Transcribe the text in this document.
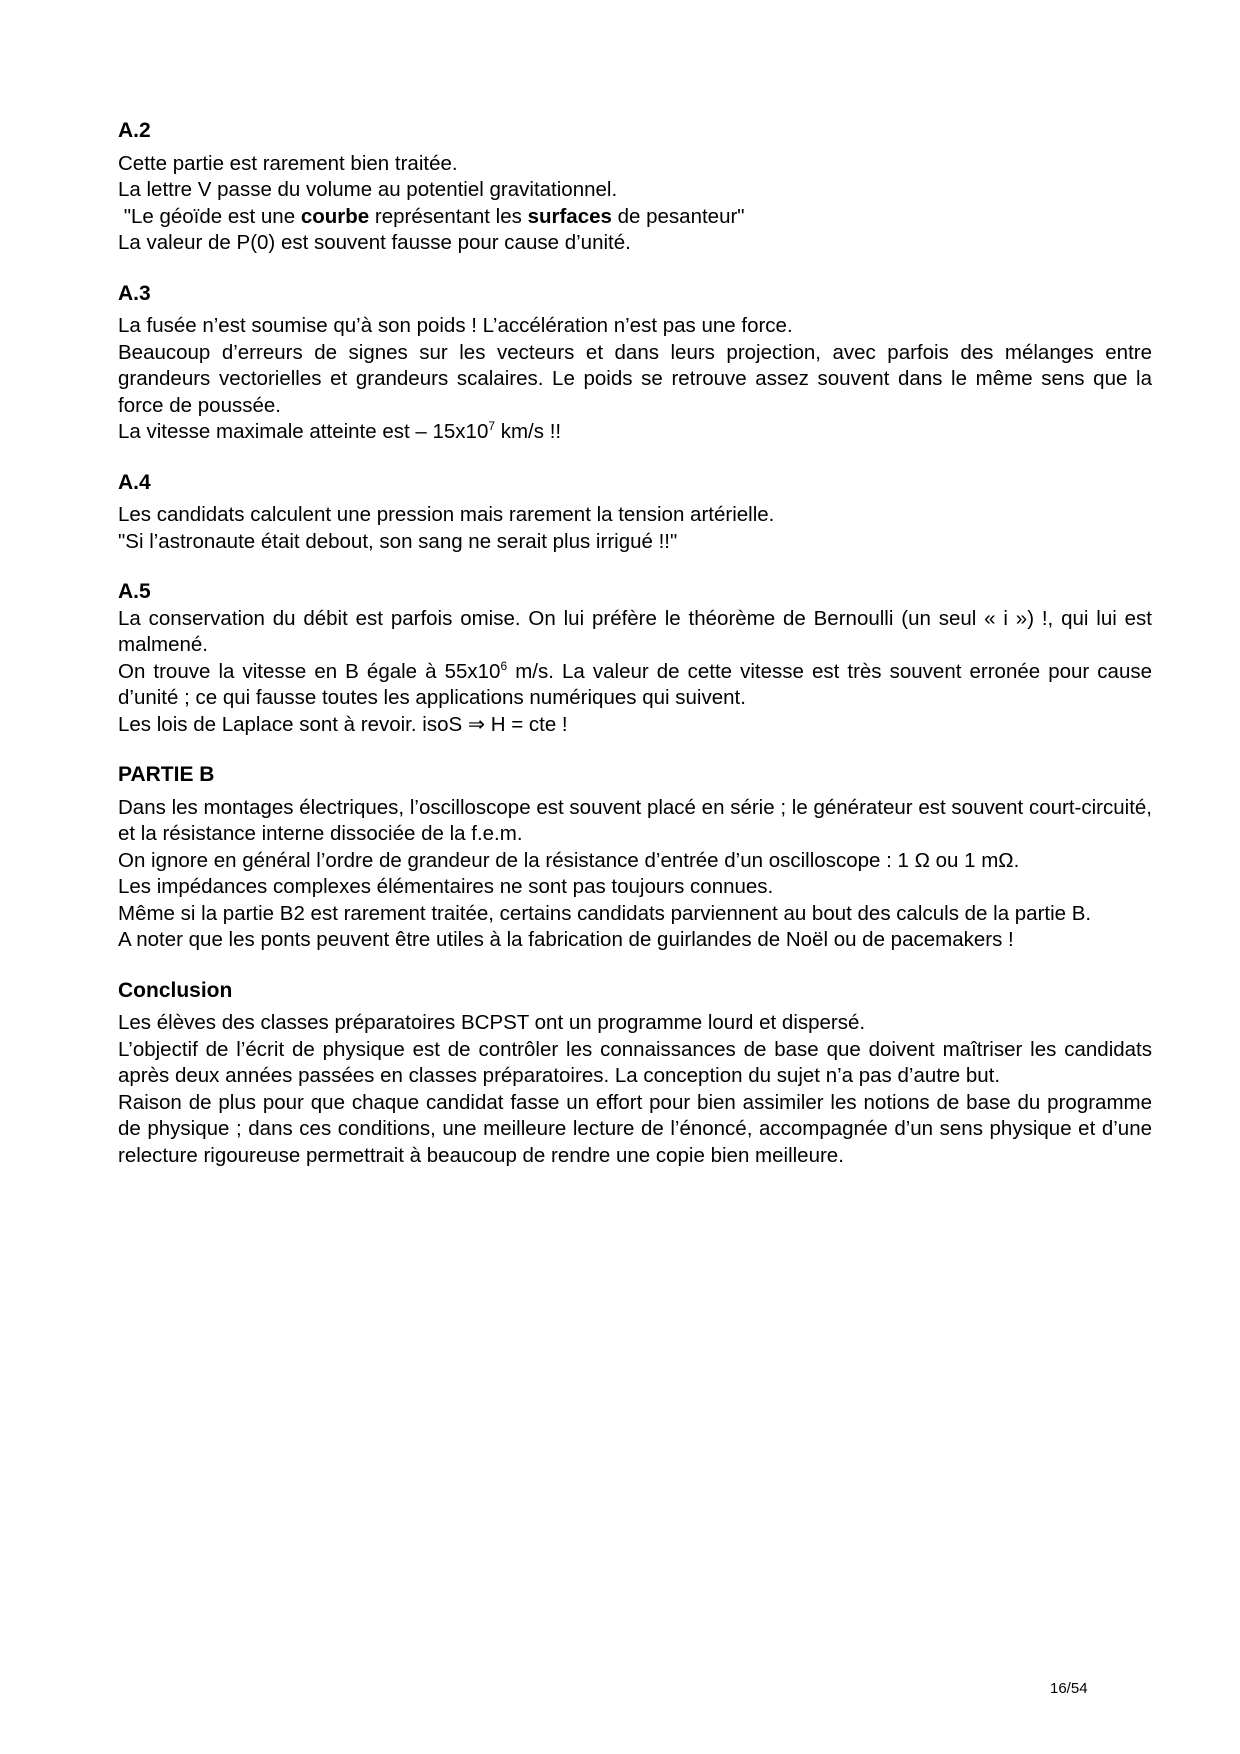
A.2

Cette partie est rarement bien traitée.

La lettre V passe du volume au potentiel gravitationnel.

"Le géoïde est une courbe représentant les surfaces de pesanteur"

La valeur de P(0) est souvent fausse pour cause d’unité.

A.3

La fusée n’est soumise qu’à son poids ! L’accélération n’est pas une force.

Beaucoup d’erreurs de signes sur les vecteurs et dans leurs projection, avec parfois des mélanges entre grandeurs vectorielles et grandeurs scalaires. Le poids se retrouve assez souvent dans le même sens que la force de poussée.

La vitesse maximale atteinte est – $15x10^7$ km/s !!

A.4

Les candidats calculent une pression mais rarement la tension artérielle.

"Si l’astronaute était debout, son sang ne serait plus irrigué !!"

A.5

La conservation du débit est parfois omise. On lui préfère le théorème de Bernoulli (un seul « i ») !, qui lui est malmené.

On trouve la vitesse en B égale à $55x10^6$ m/s. La valeur de cette vitesse est très souvent erronée pour cause d’unité ; ce qui fausse toutes les applications numériques qui suivent.

Les lois de Laplace sont à revoir. isoS ⇒ H = cte !

PARTIE B

Dans les montages électriques, l’oscilloscope est souvent placé en série ; le générateur est souvent court-circuité, et la résistance interne dissociée de la f.e.m.

On ignore en général l’ordre de grandeur de la résistance d’entrée d’un oscilloscope : 1 Ω ou 1 mΩ.

Les impédances complexes élémentaires ne sont pas toujours connues.

Même si la partie B2 est rarement traitée, certains candidats parviennent au bout des calculs de la partie B.

A noter que les ponts peuvent être utiles à la fabrication de guirlandes de Noël ou de pacemakers !

Conclusion

Les élèves des classes préparatoires BCPST ont un programme lourd et dispersé.

L’objectif de l’écrit de physique est de contrôler les connaissances de base que doivent maîtriser les candidats après deux années passées en classes préparatoires. La conception du sujet n’a pas d’autre but.

Raison de plus pour que chaque candidat fasse un effort pour bien assimiler les notions de base du programme de physique ; dans ces conditions, une meilleure lecture de l’énoncé, accompagnée d’un sens physique et d’une relecture rigoureuse permettrait à beaucoup de rendre une copie bien meilleure.

16/54
